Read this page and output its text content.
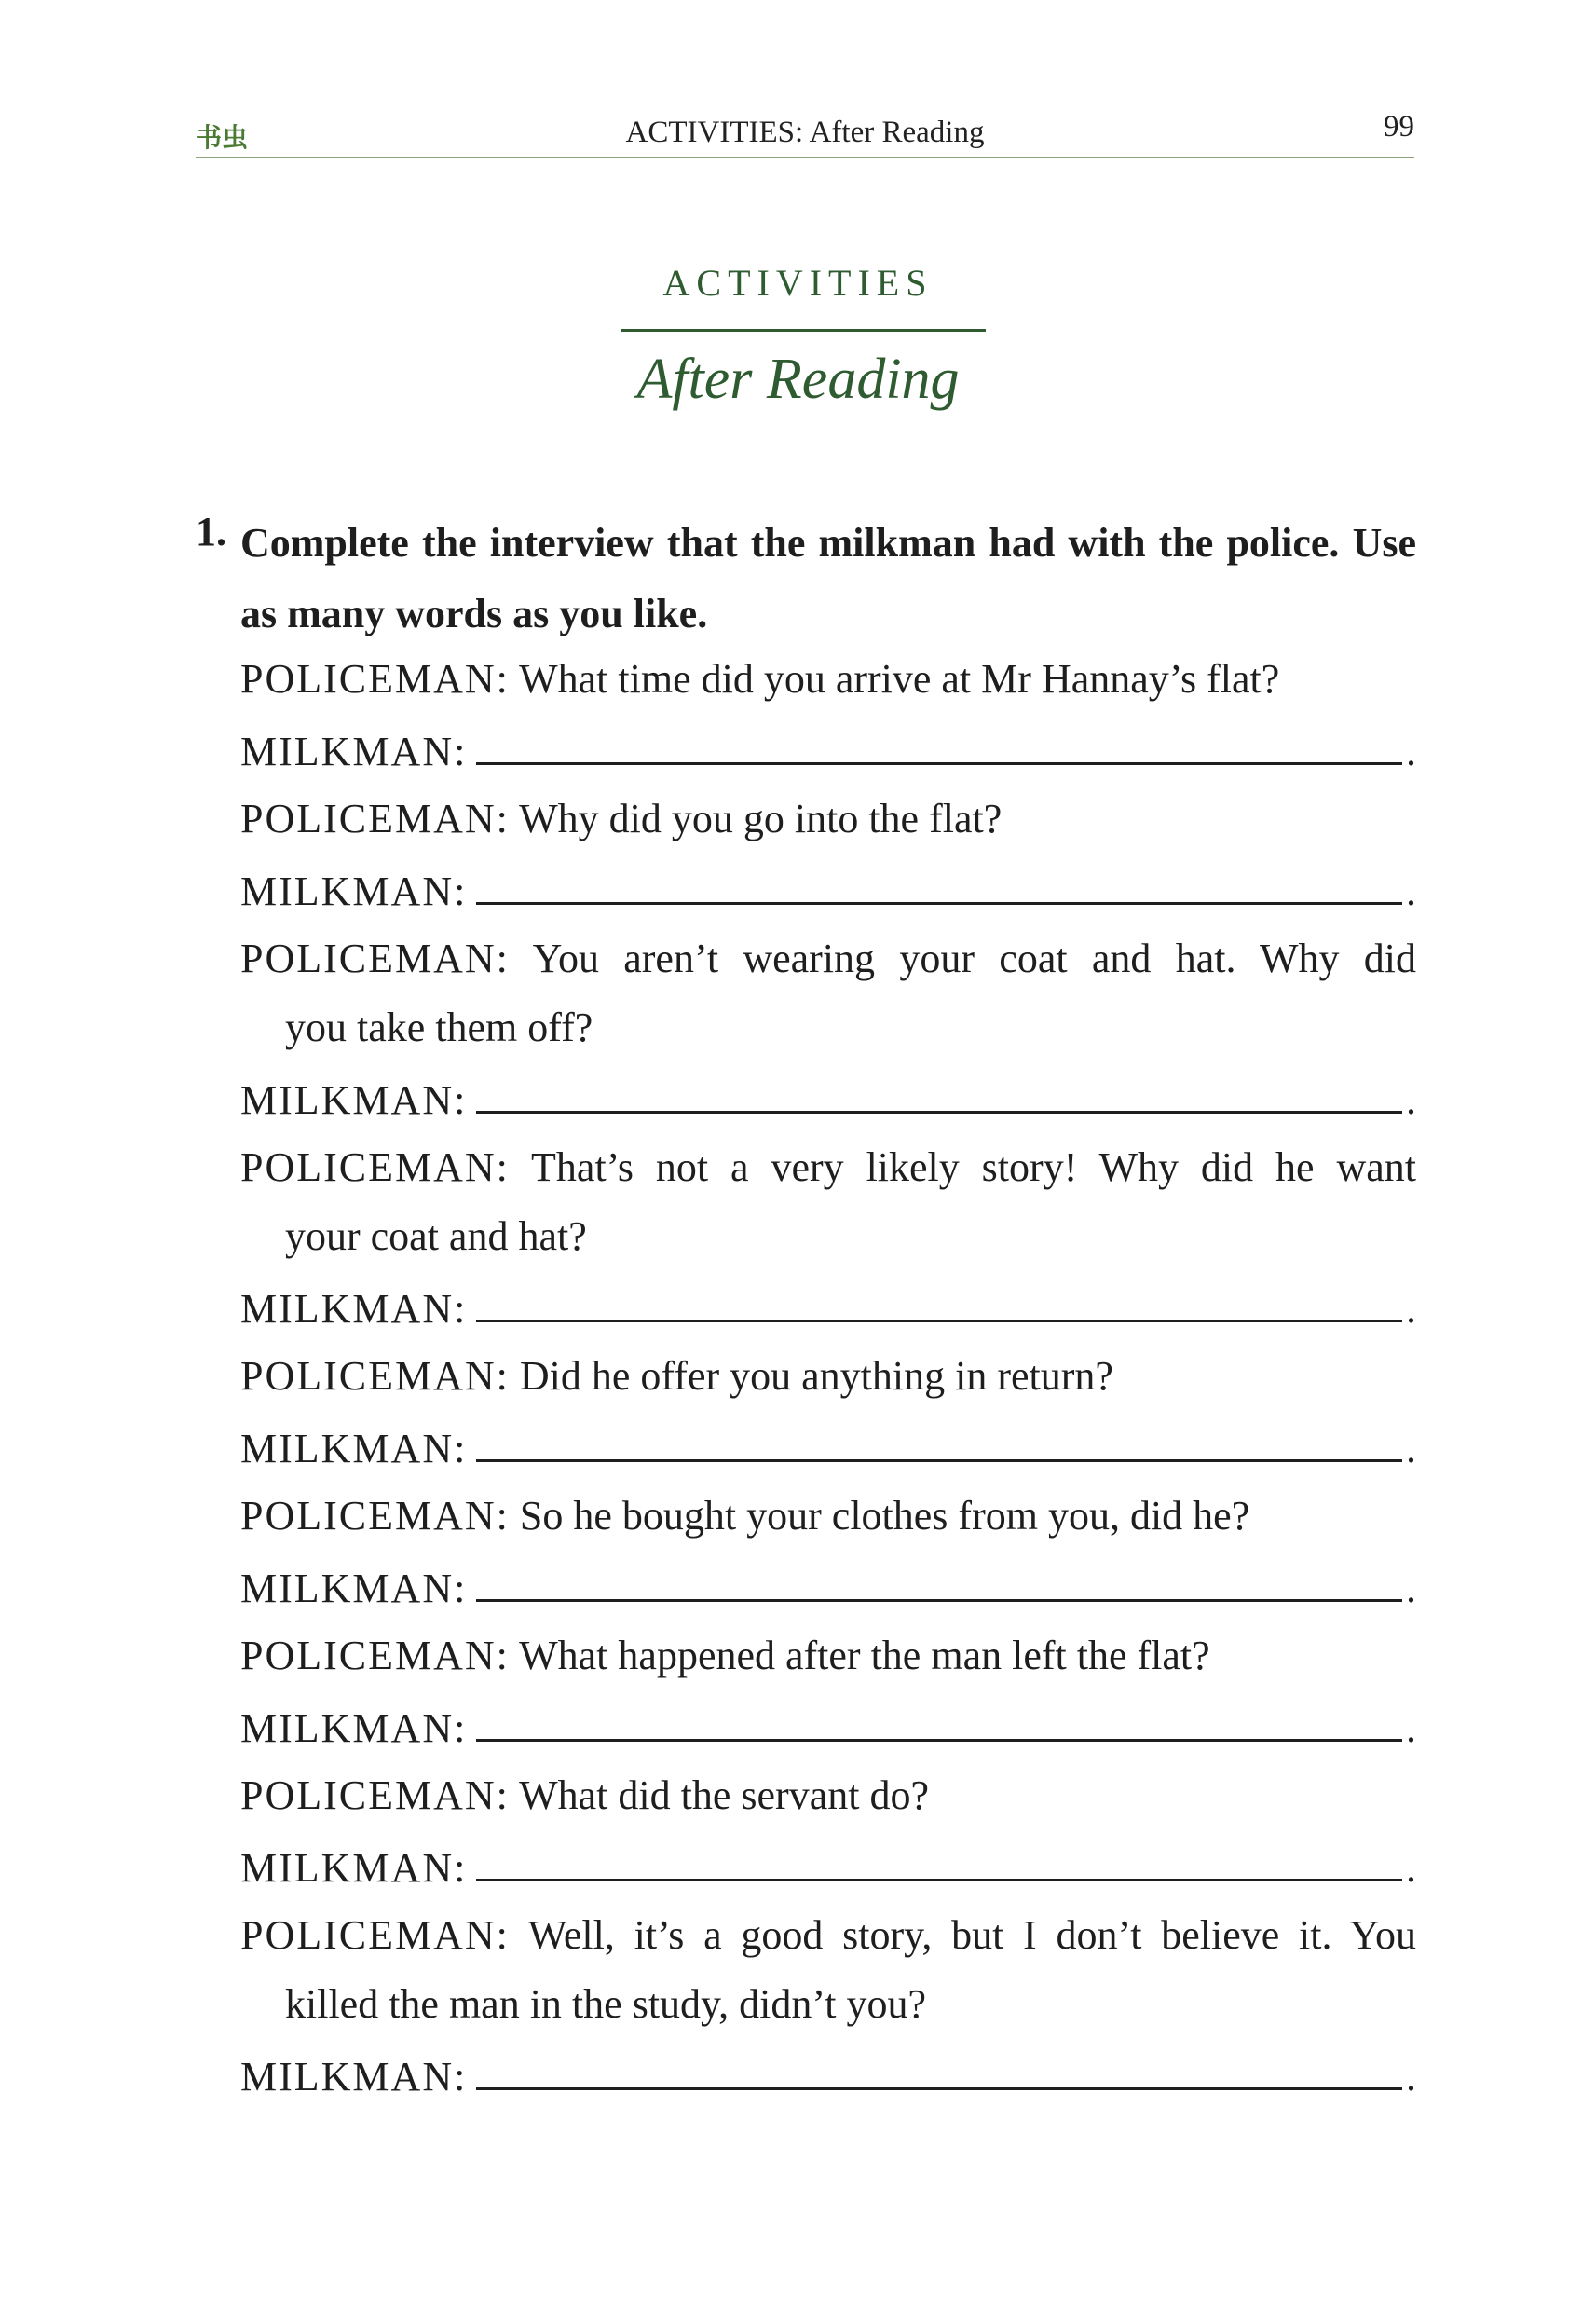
书虫	ACTIVITIES: After Reading	99
ACTIVITIES
After Reading
1. Complete the interview that the milkman had with the police. Use as many words as you like.
POLICEMAN: What time did you arrive at Mr Hannay’s flat?
MILKMAN:	.
POLICEMAN: Why did you go into the flat?
MILKMAN:	.
POLICEMAN: You aren’t wearing your coat and hat. Why did
you take them off?
MILKMAN:	.
POLICEMAN: That’s not a very likely story! Why did he want
your coat and hat?
MILKMAN:	.
POLICEMAN: Did he offer you anything in return?
MILKMAN:	.
POLICEMAN: So he bought your clothes from you, did he?
MILKMAN:	.
POLICEMAN: What happened after the man left the flat?
MILKMAN:	.
POLICEMAN: What did the servant do?
MILKMAN:	.
POLICEMAN: Well, it’s a good story, but I don’t believe it. You
killed the man in the study, didn’t you?
MILKMAN:	.
